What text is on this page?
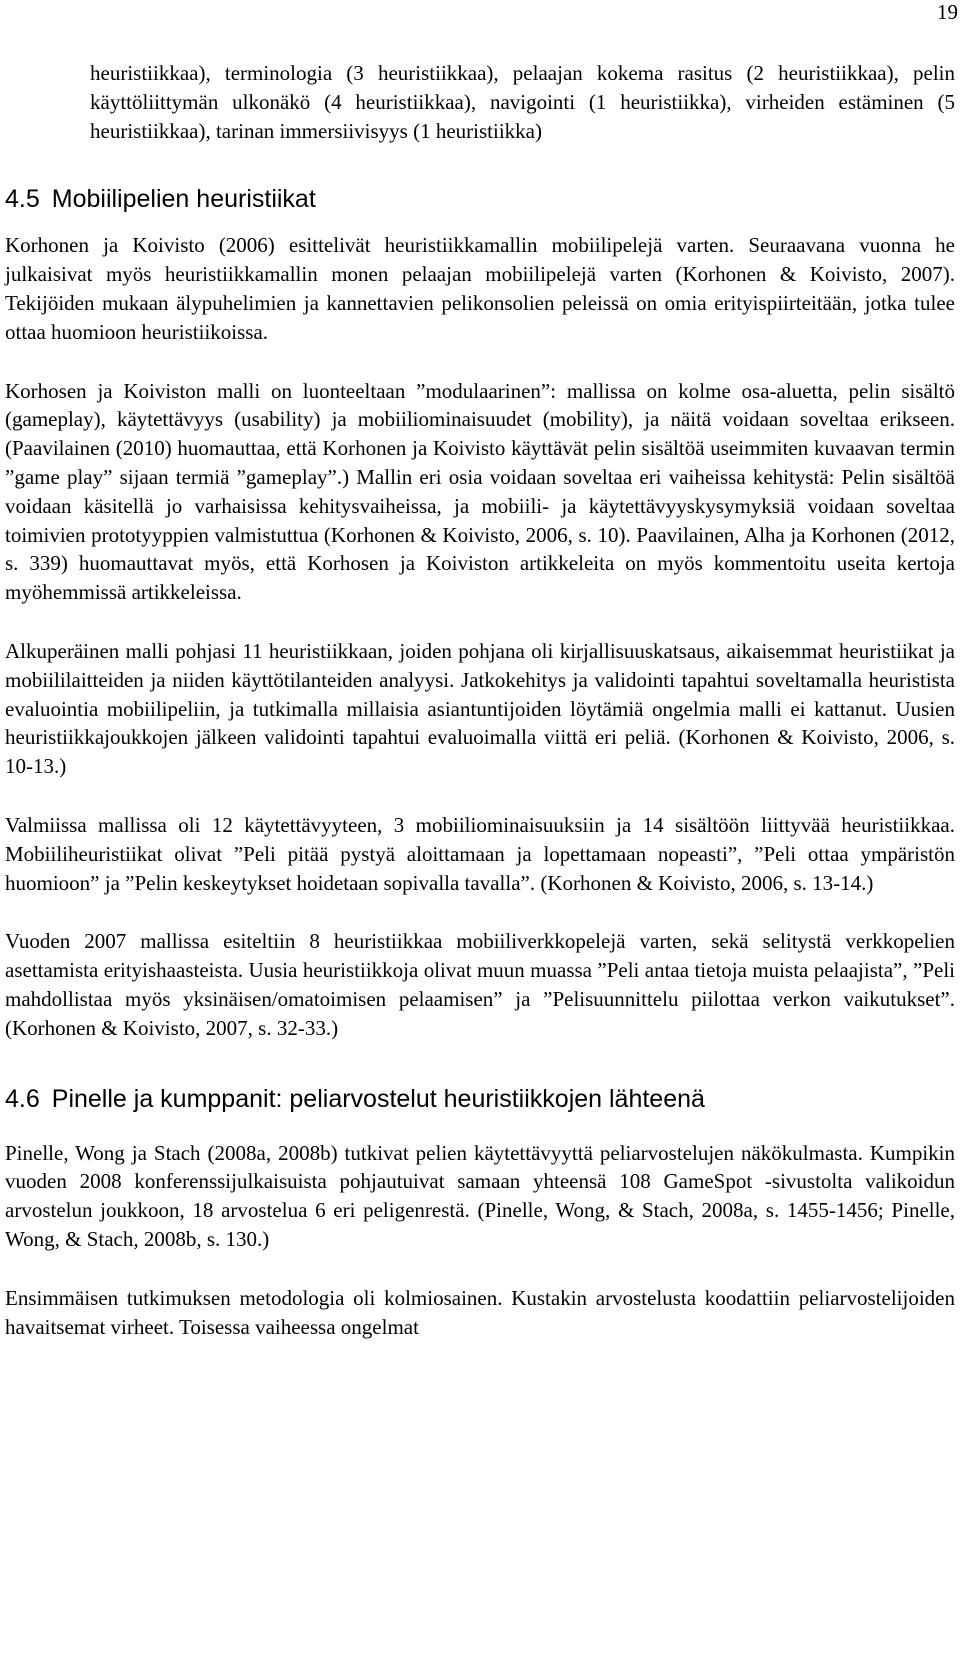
19

heuristiikkaa), terminologia (3 heuristiikkaa), pelaajan kokema rasitus (2 heuristiikkaa), pelin käyttöliittymän ulkonäkö (4 heuristiikkaa), navigointi (1 heuristiikka), virheiden estäminen (5 heuristiikkaa), tarinan immersiivisyys (1 heuristiikka)

4.5 Mobiilipelien heuristiikat

Korhonen ja Koivisto (2006) esittelivät heuristiikkamallin mobiilipelejä varten. Seuraavana vuonna he julkaisivat myös heuristiikkamallin monen pelaajan mobiilipelejä varten (Korhonen & Koivisto, 2007). Tekijöiden mukaan älypuhelimien ja kannettavien pelikonsolien peleissä on omia erityispiirteitään, jotka tulee ottaa huomioon heuristiikoissa.

Korhosen ja Koiviston malli on luonteeltaan ”modulaarinen”: mallissa on kolme osa-aluetta, pelin sisältö (gameplay), käytettävyys (usability) ja mobiiliominaisuudet (mobility), ja näitä voidaan soveltaa erikseen. (Paavilainen (2010) huomauttaa, että Korhonen ja Koivisto käyttävät pelin sisältöä useimmiten kuvaavan termin ”game play” sijaan termiä ”gameplay”.) Mallin eri osia voidaan soveltaa eri vaiheissa kehitystä: Pelin sisältöä voidaan käsitellä jo varhaisissa kehitysvaiheissa, ja mobiili- ja käytettävyyskysymyksiä voidaan soveltaa toimivien prototyyppien valmistuttua (Korhonen & Koivisto, 2006, s. 10). Paavilainen, Alha ja Korhonen (2012, s. 339) huomauttavat myös, että Korhosen ja Koiviston artikkeleita on myös kommentoitu useita kertoja myöhemmissä artikkeleissa.

Alkuperäinen malli pohjasi 11 heuristiikkaan, joiden pohjana oli kirjallisuuskatsaus, aikaisemmat heuristiikat ja mobiililaitteiden ja niiden käyttötilanteiden analyysi. Jatkokehitys ja validointi tapahtui soveltamalla heuristista evaluointia mobiilipeliin, ja tutkimalla millaisia asiantuntijoiden löytämiä ongelmia malli ei kattanut. Uusien heuristiikkajoukkojen jälkeen validointi tapahtui evaluoimalla viittä eri peliä. (Korhonen & Koivisto, 2006, s. 10-13.)

Valmiissa mallissa oli 12 käytettävyyteen, 3 mobiiliominaisuuksiin ja 14 sisältöön liittyvää heuristiikkaa. Mobiiliheuristiikat olivat ”Peli pitää pystyä aloittamaan ja lopettamaan nopeasti”, ”Peli ottaa ympäristön huomioon” ja ”Pelin keskeytykset hoidetaan sopivalla tavalla”. (Korhonen & Koivisto, 2006, s. 13-14.)

Vuoden 2007 mallissa esiteltiin 8 heuristiikkaa mobiiliverkkopelejä varten, sekä selitystä verkkopelien asettamista erityishaasteista. Uusia heuristiikkoja olivat muun muassa ”Peli antaa tietoja muista pelaajista”, ”Peli mahdollistaa myös yksinäisen/omatoimisen pelaamisen” ja ”Pelisuunnittelu piilottaa verkon vaikutukset”. (Korhonen & Koivisto, 2007, s. 32-33.)

4.6 Pinelle ja kumppanit: peliarvostelut heuristiikkojen lähteenä

Pinelle, Wong ja Stach (2008a, 2008b) tutkivat pelien käytettävyyttä peliarvostelujen näkökulmasta. Kumpikin vuoden 2008 konferenssijulkaisuista pohjautuivat samaan yhteensä 108 GameSpot -sivustolta valikoidun arvostelun joukkoon, 18 arvostelua 6 eri peligenrestä. (Pinelle, Wong, & Stach, 2008a, s. 1455-1456; Pinelle, Wong, & Stach, 2008b, s. 130.)

Ensimmäisen tutkimuksen metodologia oli kolmiosainen. Kustakin arvostelusta koodattiin peliarvostelijoiden havaitsemat virheet. Toisessa vaiheessa ongelmat
